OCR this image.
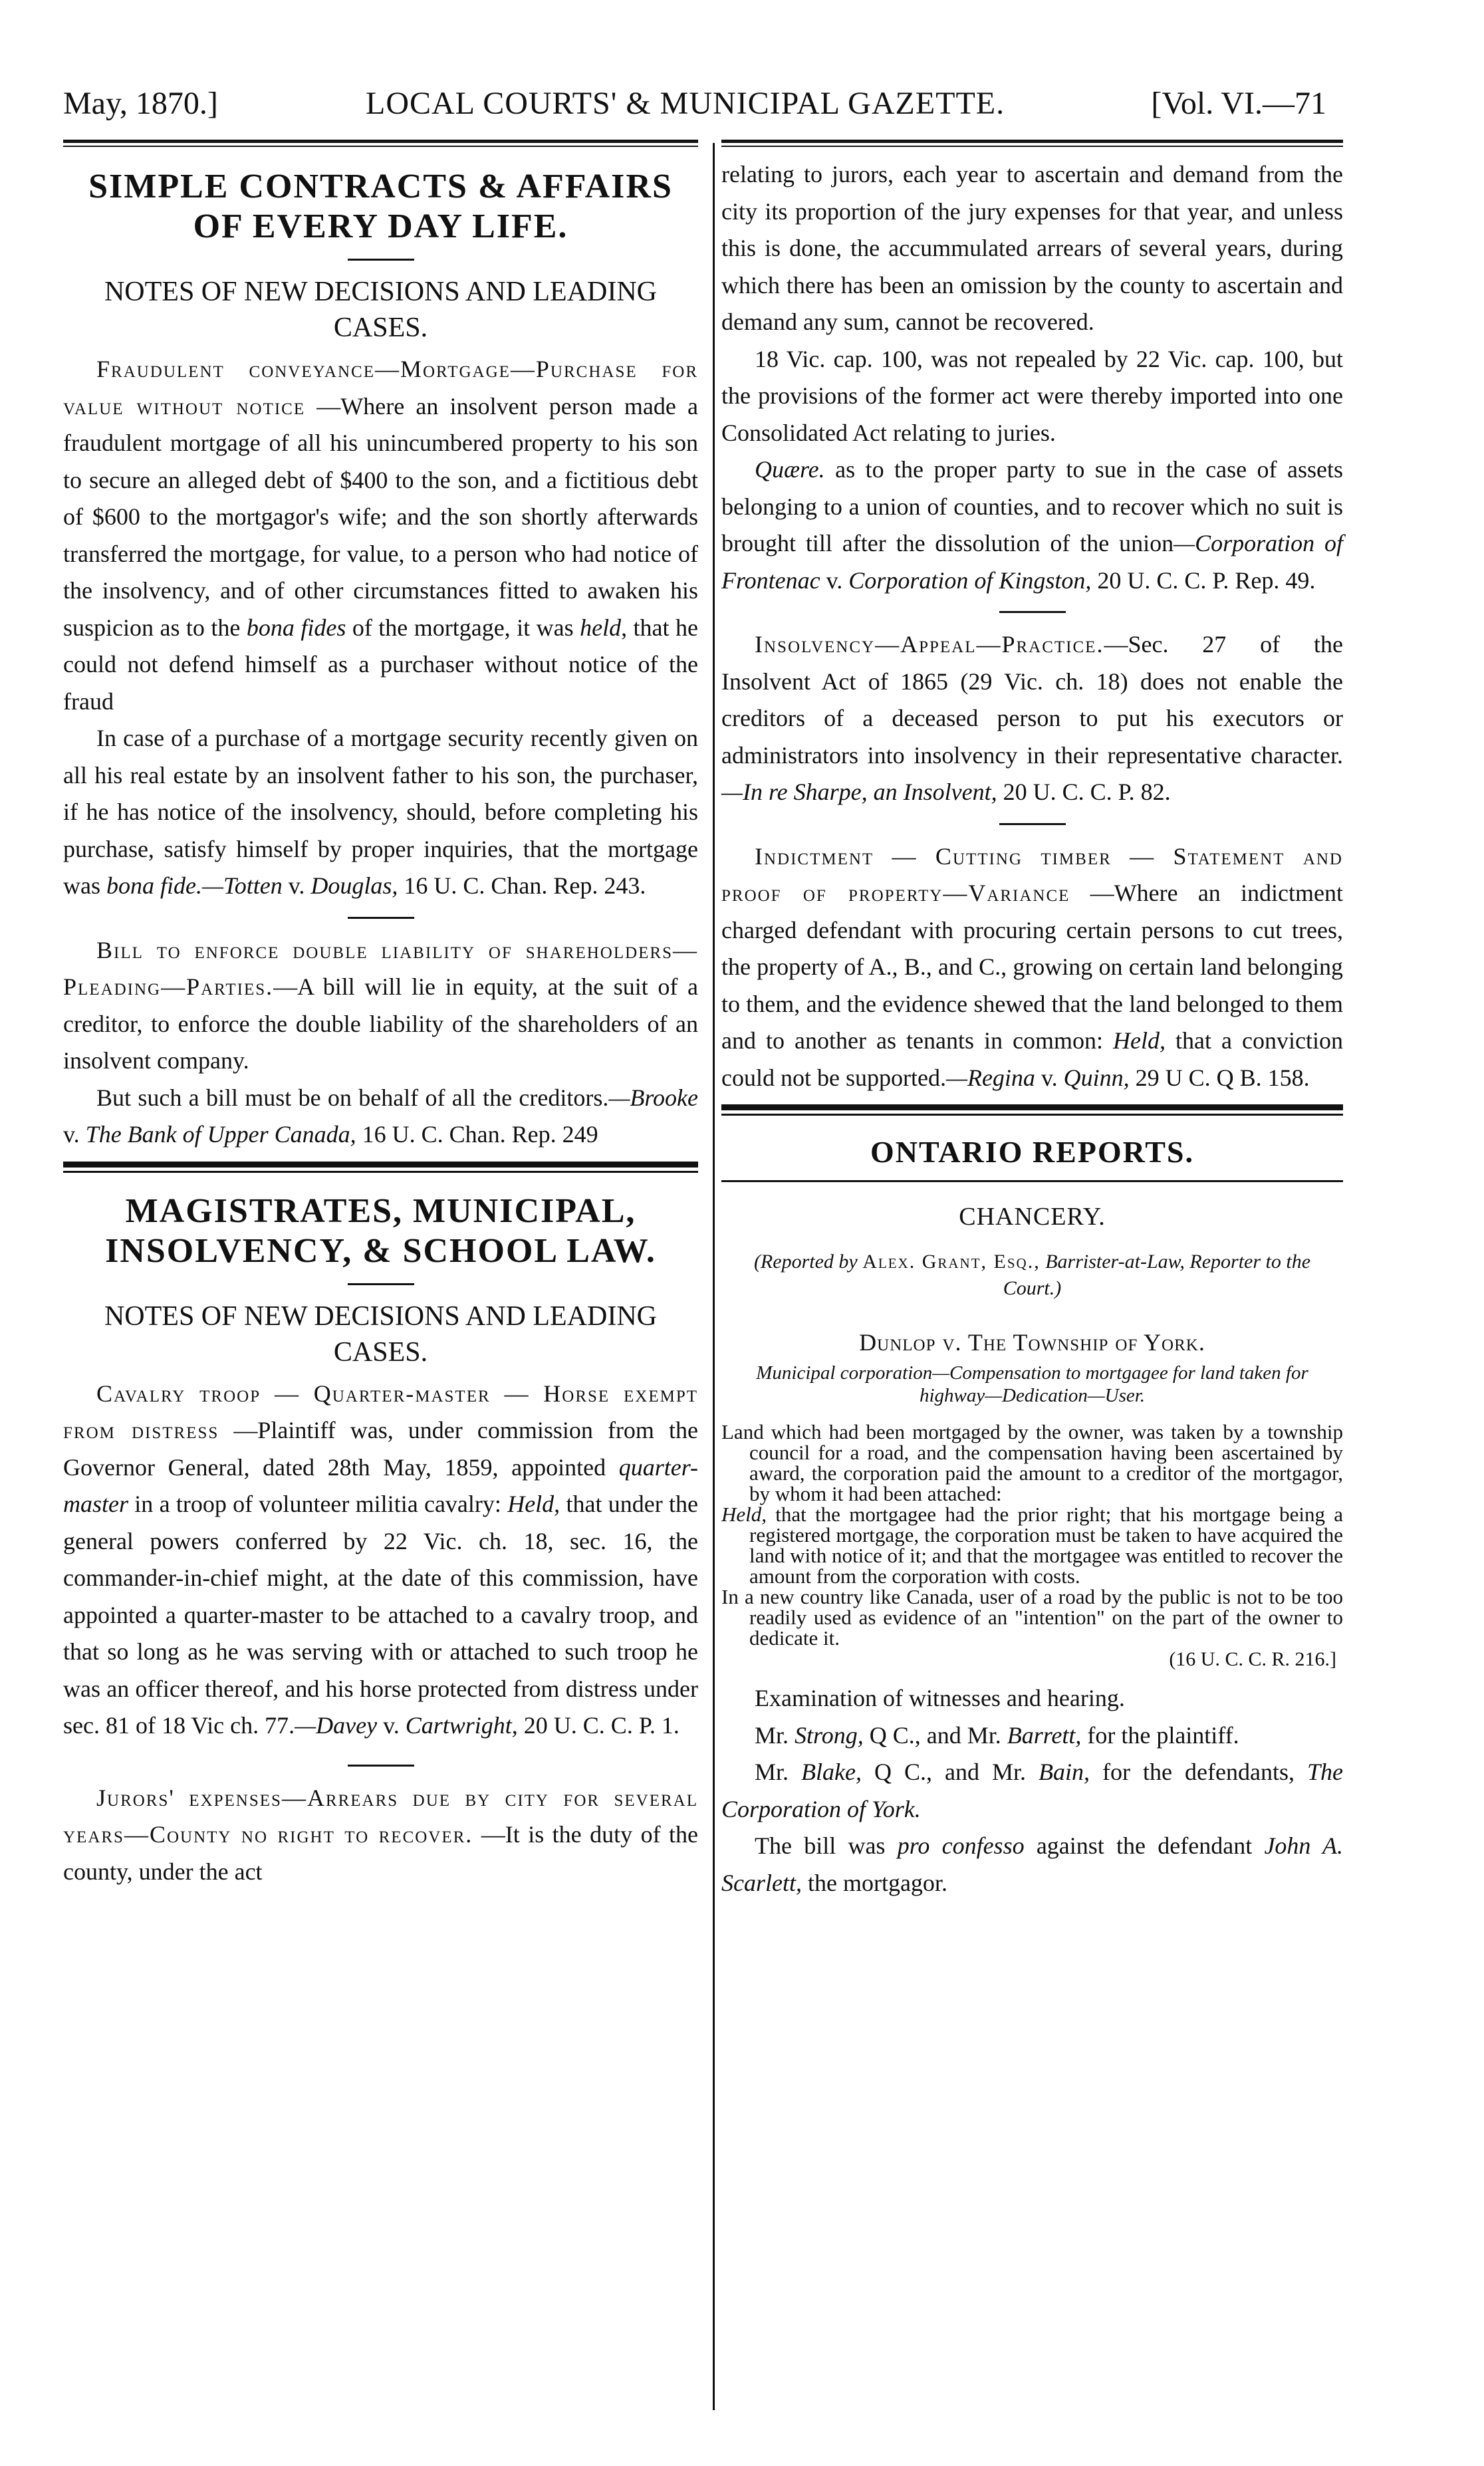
May, 1870.]	LOCAL COURTS' & MUNICIPAL GAZETTE.	[Vol. VI.—71
SIMPLE CONTRACTS & AFFAIRS
OF EVERY DAY LIFE.
NOTES OF NEW DECISIONS AND LEADING CASES.

Fraudulent conveyance—Mortgage—Purchase for value without notice —Where an insolvent person made a fraudulent mortgage of all his unincumbered property to his son to secure an alleged debt of $400 to the son, and a fictitious debt of $600 to the mortgagor's wife; and the son shortly afterwards transferred the mortgage, for value, to a person who had notice of the insolvency, and of other circumstances fitted to awaken his suspicion as to the bona fides of the mortgage, it was held, that he could not defend himself as a purchaser without notice of the fraud

In case of a purchase of a mortgage security recently given on all his real estate by an insolvent father to his son, the purchaser, if he has notice of the insolvency, should, before completing his purchase, satisfy himself by proper inquiries, that the mortgage was bona fide.—Totten v. Douglas, 16 U. C. Chan. Rep. 243.

Bill to enforce double liability of shareholders—Pleading—Parties.—A bill will lie in equity, at the suit of a creditor, to enforce the double liability of the shareholders of an insolvent company.

But such a bill must be on behalf of all the creditors.—Brooke v. The Bank of Upper Canada, 16 U. C. Chan. Rep. 249

MAGISTRATES, MUNICIPAL,
INSOLVENCY, & SCHOOL LAW.
NOTES OF NEW DECISIONS AND LEADING CASES.

Cavalry troop — Quarter-master — Horse exempt from distress —Plaintiff was, under commission from the Governor General, dated 28th May, 1859, appointed quarter-master in a troop of volunteer militia cavalry: Held, that under the general powers conferred by 22 Vic. ch. 18, sec. 16, the commander-in-chief might, at the date of this commission, have appointed a quarter-master to be attached to a cavalry troop, and that so long as he was serving with or attached to such troop he was an officer thereof, and his horse protected from distress under sec. 81 of 18 Vic ch. 77.—Davey v. Cartwright, 20 U. C. C. P. 1.

Jurors' expenses—Arrears due by city for several years—County no right to recover. —It is the duty of the county, under the act

relating to jurors, each year to ascertain and demand from the city its proportion of the jury expenses for that year, and unless this is done, the accummulated arrears of several years, during which there has been an omission by the county to ascertain and demand any sum, cannot be recovered.

18 Vic. cap. 100, was not repealed by 22 Vic. cap. 100, but the provisions of the former act were thereby imported into one Consolidated Act relating to juries.

Quære. as to the proper party to sue in the case of assets belonging to a union of counties, and to recover which no suit is brought till after the dissolution of the union—Corporation of Frontenac v. Corporation of Kingston, 20 U. C. C. P. Rep. 49.

Insolvency—Appeal—Practice.—Sec. 27 of the Insolvent Act of 1865 (29 Vic. ch. 18) does not enable the creditors of a deceased person to put his executors or administrators into insolvency in their representative character.—In re Sharpe, an Insolvent, 20 U. C. C. P. 82.

Indictment — Cutting timber — Statement and proof of property—Variance —Where an indictment charged defendant with procuring certain persons to cut trees, the property of A., B., and C., growing on certain land belonging to them, and the evidence shewed that the land belonged to them and to another as tenants in common: Held, that a conviction could not be supported.—Regina v. Quinn, 29 U C. Q B. 158.

ONTARIO REPORTS.
CHANCERY.
(Reported by Alex. Grant, Esq., Barrister-at-Law, Reporter to the Court.)
Dunlop v. The Township of York.
Municipal corporation—Compensation to mortgagee for land taken for highway—Dedication—User.

Land which had been mortgaged by the owner, was taken by a township council for a road, and the compensation having been ascertained by award, the corporation paid the amount to a creditor of the mortgagor, by whom it had been attached:

Held, that the mortgagee had the prior right; that his mortgage being a registered mortgage, the corporation must be taken to have acquired the land with notice of it; and that the mortgagee was entitled to recover the amount from the corporation with costs.

In a new country like Canada, user of a road by the public is not to be too readily used as evidence of an "intention" on the part of the owner to dedicate it.

(16 U. C. C. R. 216.]

Examination of witnesses and hearing.

Mr. Strong, Q C., and Mr. Barrett, for the plaintiff.

Mr. Blake, Q C., and Mr. Bain, for the defendants, The Corporation of York.

The bill was pro confesso against the defendant John A. Scarlett, the mortgagor.
